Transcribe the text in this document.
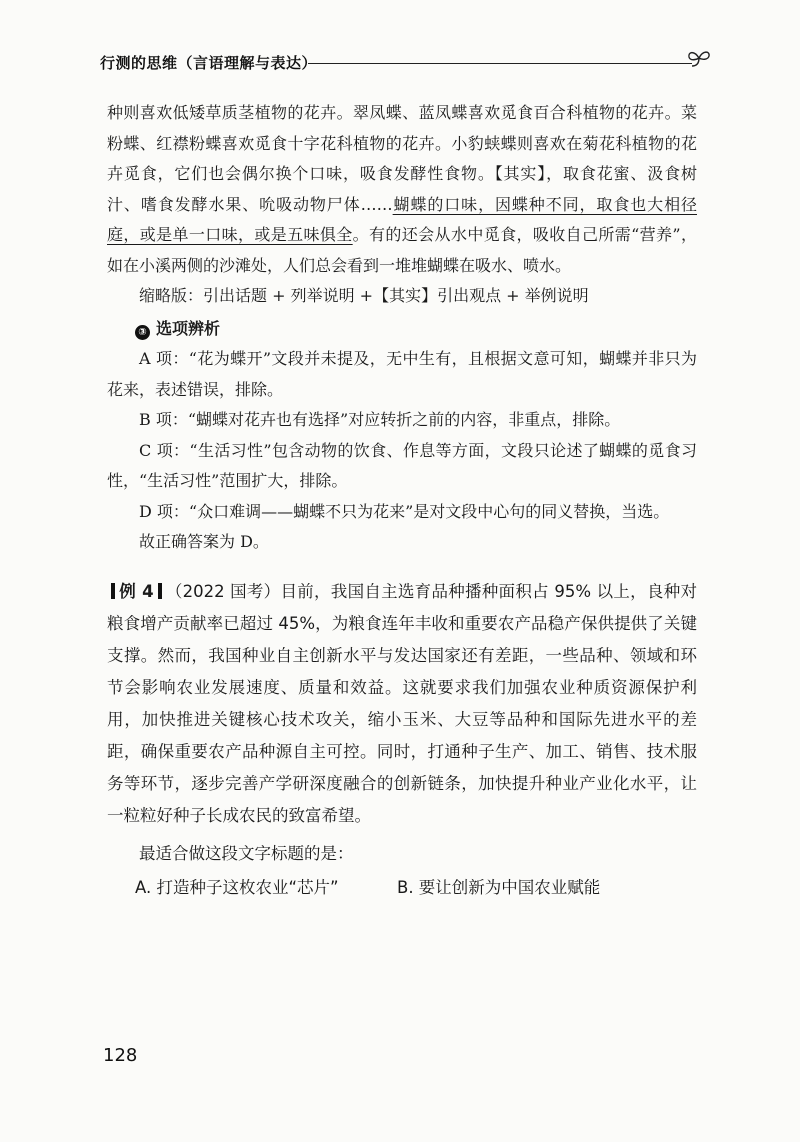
行测的思维（言语理解与表达）

种则喜欢低矮草质茎植物的花卉。翠凤蝶、蓝凤蝶喜欢觅食百合科植物的花卉。菜粉蝶、红襟粉蝶喜欢觅食十字花科植物的花卉。小豹蛱蝶则喜欢在菊花科植物的花卉觅食，它们也会偶尔换个口味，吸食发酵性食物。【其实】，取食花蜜、汲食树汁、嗜食发酵水果、吮吸动物尸体……蝴蝶的口味，因蝶种不同，取食也大相径庭，或是单一口味，或是五味俱全。有的还会从水中觅食，吸收自己所需“营养”，如在小溪两侧的沙滩处，人们总会看到一堆堆蝴蝶在吸水、喷水。

缩略版：引出话题 + 列举说明 +【其实】引出观点 + 举例说明

③ 选项辨析

A 项：“花为蝶开”文段并未提及，无中生有，且根据文意可知，蝴蝶并非只为花来，表述错误，排除。

B 项：“蝴蝶对花卉也有选择”对应转折之前的内容，非重点，排除。

C 项：“生活习性”包含动物的饮食、作息等方面，文段只论述了蝴蝶的觅食习性，“生活习性”范围扩大，排除。

D 项：“众口难调——蝴蝶不只为花来”是对文段中心句的同义替换，当选。

故正确答案为 D。

例 4 （2022 国考）目前，我国自主选育品种播种面积占 95% 以上，良种对粮食增产贡献率已超过 45%，为粮食连年丰收和重要农产品稳产保供提供了关键支撑。然而，我国种业自主创新水平与发达国家还有差距，一些品种、领域和环节会影响农业发展速度、质量和效益。这就要求我们加强农业种质资源保护利用，加快推进关键核心技术攻关，缩小玉米、大豆等品种和国际先进水平的差距，确保重要农产品种源自主可控。同时，打通种子生产、加工、销售、技术服务等环节，逐步完善产学研深度融合的创新链条，加快提升种业产业化水平，让一粒粒好种子长成农民的致富希望。

最适合做这段文字标题的是：

A. 打造种子这枚农业“芯片”	B. 要让创新为中国农业赋能
128
